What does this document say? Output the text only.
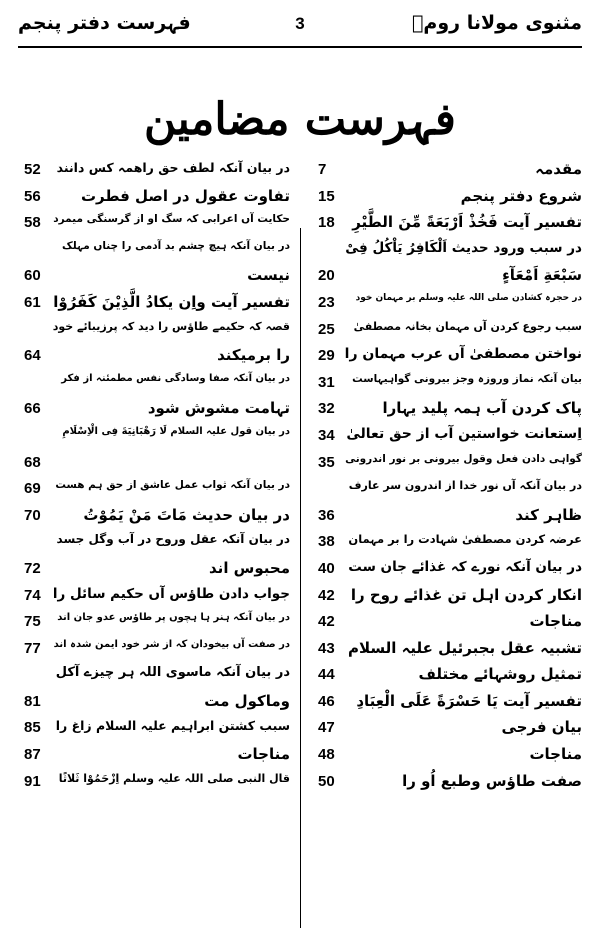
مثنوی مولانا رومؒ
3
فہرست دفتر پنجم
فہرست مضامین
مقدمہ
7
شروع دفتر پنجم
15
تفسیر آیت فَخُذْ اَرْبَعَةً مِّنَ الطَّيْرِ
18
در سبب ورود حدیث اَلْكَافِرُ يَاْكُلُ فِىْ
سَبْعَةِ اَمْعَآءٍ
20
در حجرہ کشادن صلی اللہ علیہ وسلم بر مہمان خود
23
سبب رجوع کردن آں مہمان بخانہ مصطفیٰ
25
نواختن مصطفیٰ آں عرب مہمان را
29
بیان آنکہ نماز وروزہ وجز بیرونی گواہیہاست
31
پاک کردن آب ہمہ پلید یہارا
32
اِستعانت خواستین آب از حق تعالیٰ
34
گواہی دادن فعل وقول بیرونی بر نور اندرونی
35
در بیان آنکہ آں نور خدا از اندرون سر عارف
ظاہر کند
36
عرضہ کردن مصطفیٰ شہادت را بر مہمان
38
در بیان آنکہ نورے کہ غذائے جان ست
40
انکار کردن اہل تن غذائے روح را
42
مناجات
42
تشبیہ عقل بجبرئیل علیہ السلام
43
تمثیل روشہائے مختلف
44
تفسیر آیت يَا حَسْرَةً عَلَى الْعِبَادِ
46
بیان فرجی
47
مناجات
48
صفت طاؤس وطبع اُو را
50
در بیان آنکہ لطف حق راھمہ کس دانند
52
تفاوت عقول در اصل فطرت
56
حکایت آں اعرابی کہ سگ او از گرسنگی میمرد
58
در بیان آنکہ ہیچ چشم بد آدمی را چناں مہلک
نیست
60
تفسیر آیت واِن یکادُ الَّذِیْنَ کَفَرُوْا
61
قصہ کہ حکیمے طاؤس را دید کہ پرزیبائے خود
را برمیکند
64
در بیان آنکہ صفا وسادگی نفس مطمئنہ از فکر
تہامت مشوش شود
66
در بیان قول علیہ السلام لَا رَهْبَانِيَةَ فِى الْاِسْلَامِ
68
در بیان آنکہ ثواب عمل عاشق از حق ہم ھست
69
در بیان حدیث مَاتَ مَنْ يَمُوْتُ
70
در بیان آنکہ عقل وروح در آب وگل جسد
محبوس اند
72
جواب دادن طاؤس آں حکیم سائل را
74
در بیان آنکہ ہنر ہا ہچوں پر طاؤس عدو جان اند
75
در صفت آں بیخودان کہ از شر خود ایمن شدہ اند
77
در بیان آنکہ ماسوی اللہ ہر چیزے آکل
وماکول مت
81
سبب کشتن ابراہیم علیہ السلام زاغ را
85
مناجات
87
قال النبی صلی اللہ علیہ وسلم اِزْحَمُوْا ثَلاثًا
91
